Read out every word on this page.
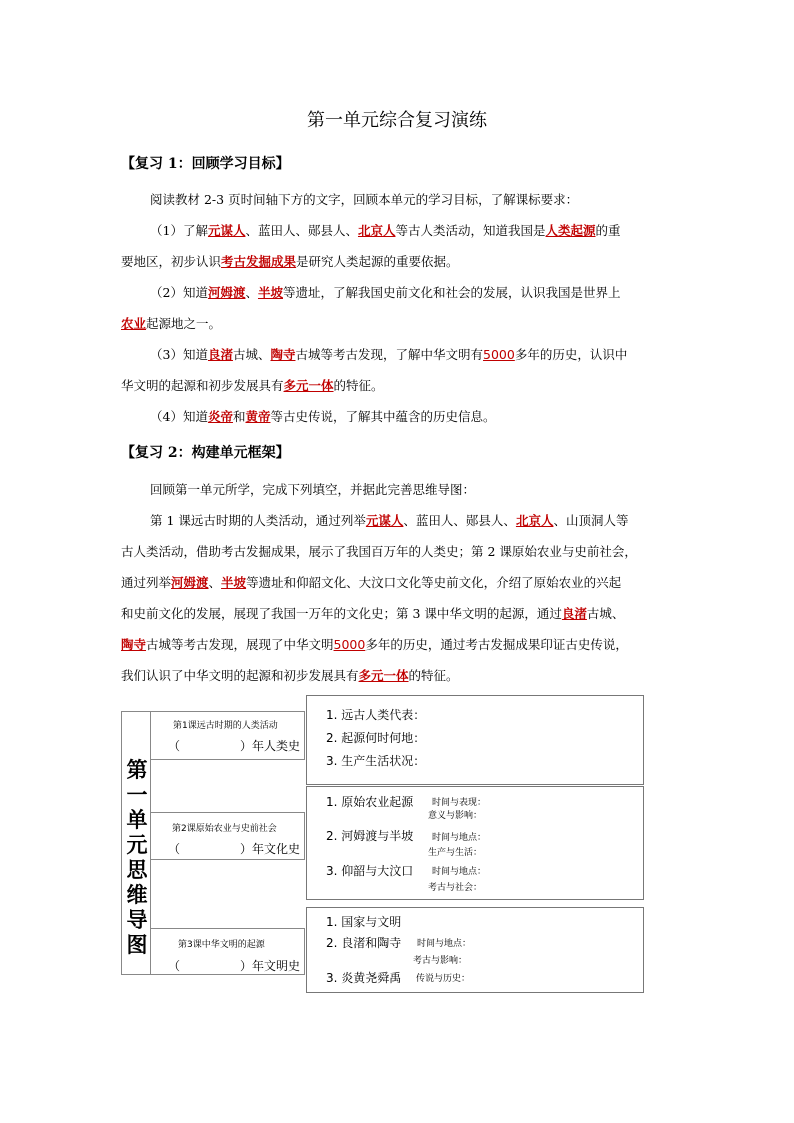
第一单元综合复习演练
【复习 1：回顾学习目标】
阅读教材 2-3 页时间轴下方的文字，回顾本单元的学习目标，了解课标要求：
（1）了解元谋人、蓝田人、郧县人、北京人等古人类活动，知道我国是人类起源的重
要地区，初步认识考古发掘成果是研究人类起源的重要依据。
（2）知道河姆渡、半坡等遗址，了解我国史前文化和社会的发展，认识我国是世界上
农业起源地之一。
（3）知道良渚古城、陶寺古城等考古发现，了解中华文明有5000多年的历史，认识中
华文明的起源和初步发展具有多元一体的特征。
（4）知道炎帝和黄帝等古史传说，了解其中蕴含的历史信息。
【复习 2：构建单元框架】
回顾第一单元所学，完成下列填空，并据此完善思维导图：
第 1 课远古时期的人类活动，通过列举元谋人、蓝田人、郧县人、北京人、山顶洞人等
古人类活动，借助考古发掘成果，展示了我国百万年的人类史；第 2 课原始农业与史前社会，
通过列举河姆渡、半坡等遗址和仰韶文化、大汶口文化等史前文化，介绍了原始农业的兴起
和史前文化的发展，展现了我国一万年的文化史；第 3 课中华文明的起源，通过良渚古城、
陶寺古城等考古发现，展现了中华文明5000多年的历史，通过考古发掘成果印证古史传说，
我们认识了中华文明的起源和初步发展具有多元一体的特征。
第
一
单
元
思
维
导
图
第1课远古时期的人类活动
（　　　　　）年人类史
第2课原始农业与史前社会
（　　　　　）年文化史
第3课中华文明的起源
（　　　　　）年文明史
1. 远古人类代表：
2. 起源何时何地：
3. 生产生活状况：
1. 原始农业起源 时间与表现：
意义与影响：
2. 河姆渡与半坡 时间与地点：
生产与生活：
3. 仰韶与大汶口 时间与地点：
考古与社会：
1. 国家与文明
2. 良渚和陶寺 时间与地点：
考古与影响：
3. 炎黄尧舜禹 传说与历史：
